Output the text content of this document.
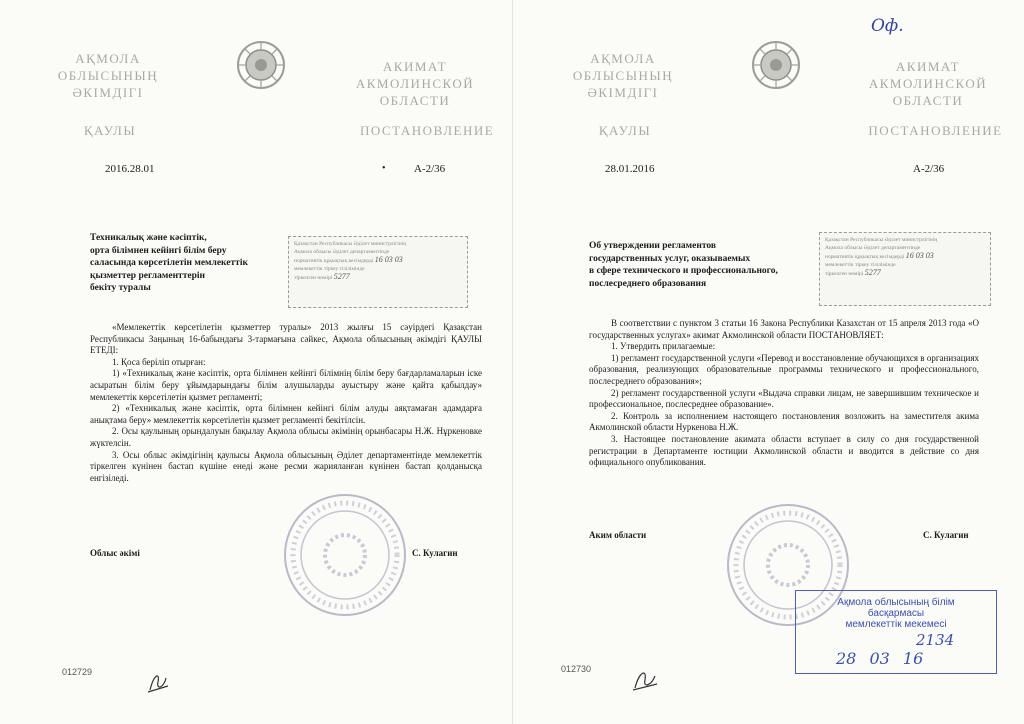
АҚМОЛА
ОБЛЫСЫНЫҢ
ӘКІМДІГІ
АКИМАТ
АКМОЛИНСКОЙ
ОБЛАСТИ
ҚАУЛЫ	ПОСТАНОВЛЕНИЕ
2016.28.01	•	А-2/36
Техникалық және кәсіптік,
орта білімнен кейінгі білім беру
саласында көрсетілетін мемлекеттік
қызметтер регламенттерін
бекіту туралы
Қазақстан Республикасы Әділет министрлігінің
Ақмола облысы Әділет департаментінде
нормативтік құқықтық кесімдерді 16 03 03
мемлекеттік тіркеу тізілімінде
тіркелген нөмірі 5277

«Мемлекеттік көрсетілетін қызметтер туралы» 2013 жылғы 15 сәуірдегі Қазақстан Республикасы Заңының 16-бабындағы 3-тармағына сәйкес, Ақмола облысының әкімдігі ҚАУЛЫ ЕТЕДІ:

1. Қоса беріліп отырған:

1) «Техникалық және кәсіптік, орта білімнен кейінгі білімнің білім беру бағдарламаларын іске асыратын білім беру ұйымдарындағы білім алушыларды ауыстыру және қайта қабылдау» мемлекеттік көрсетілетін қызмет регламенті;

2) «Техникалық және кәсіптік, орта білімнен кейінгі білім алуды аяқтамаған адамдарға анықтама беру» мемлекеттік көрсетілетін қызмет регламенті бекітілсін.

2. Осы қаулының орындалуын бақылау Ақмола облысы әкімінің орынбасары Н.Ж. Нұркеновке жүктелсін.

3. Осы облыс әкімдігінің қаулысы Ақмола облысының Әділет департаментінде мемлекеттік тіркелген күнінен бастап күшіне енеді және ресми жарияланған күнінен бастап қолданысқа енгізіледі.

Облыс әкімі	С. Кулагин
012729
АҚМОЛА
ОБЛЫСЫНЫҢ
ӘКІМДІГІ
АКИМАТ
АКМОЛИНСКОЙ
ОБЛАСТИ
ҚАУЛЫ	ПОСТАНОВЛЕНИЕ
28.01.2016	А-2/36
Об утверждении регламентов
государственных услуг, оказываемых
в сфере технического и профессионального,
послесреднего образования
Қазақстан Республикасы Әділет министрлігінің
Ақмола облысы Әділет департаментінде
нормативтік құқықтық кесімдерді 16 03 03
мемлекеттік тіркеу тізілімінде
тіркелген нөмірі 5277

В соответствии с пунктом 3 статьи 16 Закона Республики Казахстан от 15 апреля 2013 года «О государственных услугах» акимат Акмолинской области ПОСТАНОВЛЯЕТ:

1. Утвердить прилагаемые:

1) регламент государственной услуги «Перевод и восстановление обучающихся в организациях образования, реализующих образовательные программы технического и профессионального, послесреднего образования»;

2) регламент государственной услуги «Выдача справки лицам, не завершившим техническое и профессиональное, послесреднее образование».

2. Контроль за исполнением настоящего постановления возложить на заместителя акима Акмолинской области Нуркенова Н.Ж.

3. Настоящее постановление акимата области вступает в силу со дня государственной регистрации в Департаменте юстиции Акмолинской области и вводится в действие со дня официального опубликования.

Аким области	С. Кулагин
Ақмола облысының білім
басқармасы
мемлекеттік мекемесі
2134
28 03 16
Оф.
012730
